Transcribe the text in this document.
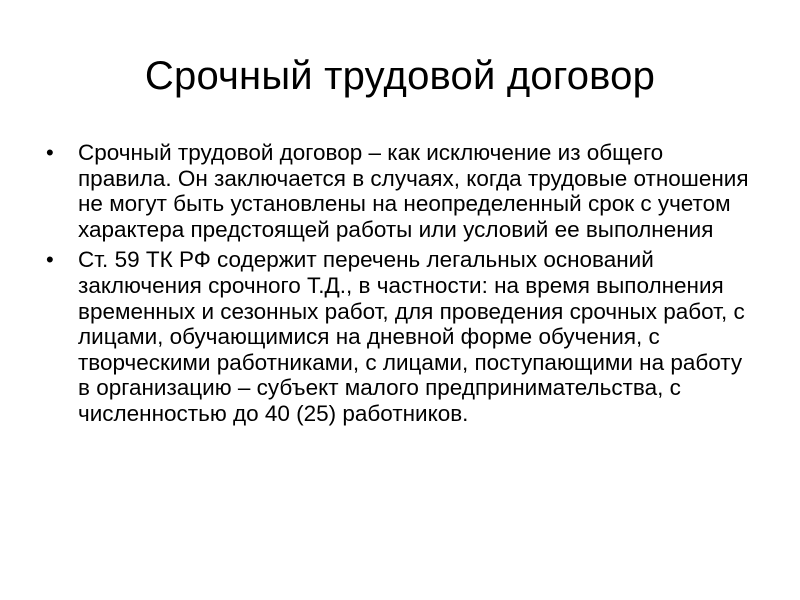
Срочный трудовой договор
• Срочный трудовой договор – как исключение из общего правила. Он заключается в случаях, когда трудовые отношения не могут быть установлены на неопределенный срок с учетом характера предстоящей работы или условий ее выполнения
• Ст. 59 ТК РФ содержит перечень легальных оснований заключения срочного Т.Д., в частности: на время выполнения временных и сезонных работ, для проведения срочных работ, с лицами, обучающимися на дневной форме обучения, с творческими работниками, с лицами, поступающими на работу в организацию – субъект малого предпринимательства, с численностью до 40 (25) работников.
